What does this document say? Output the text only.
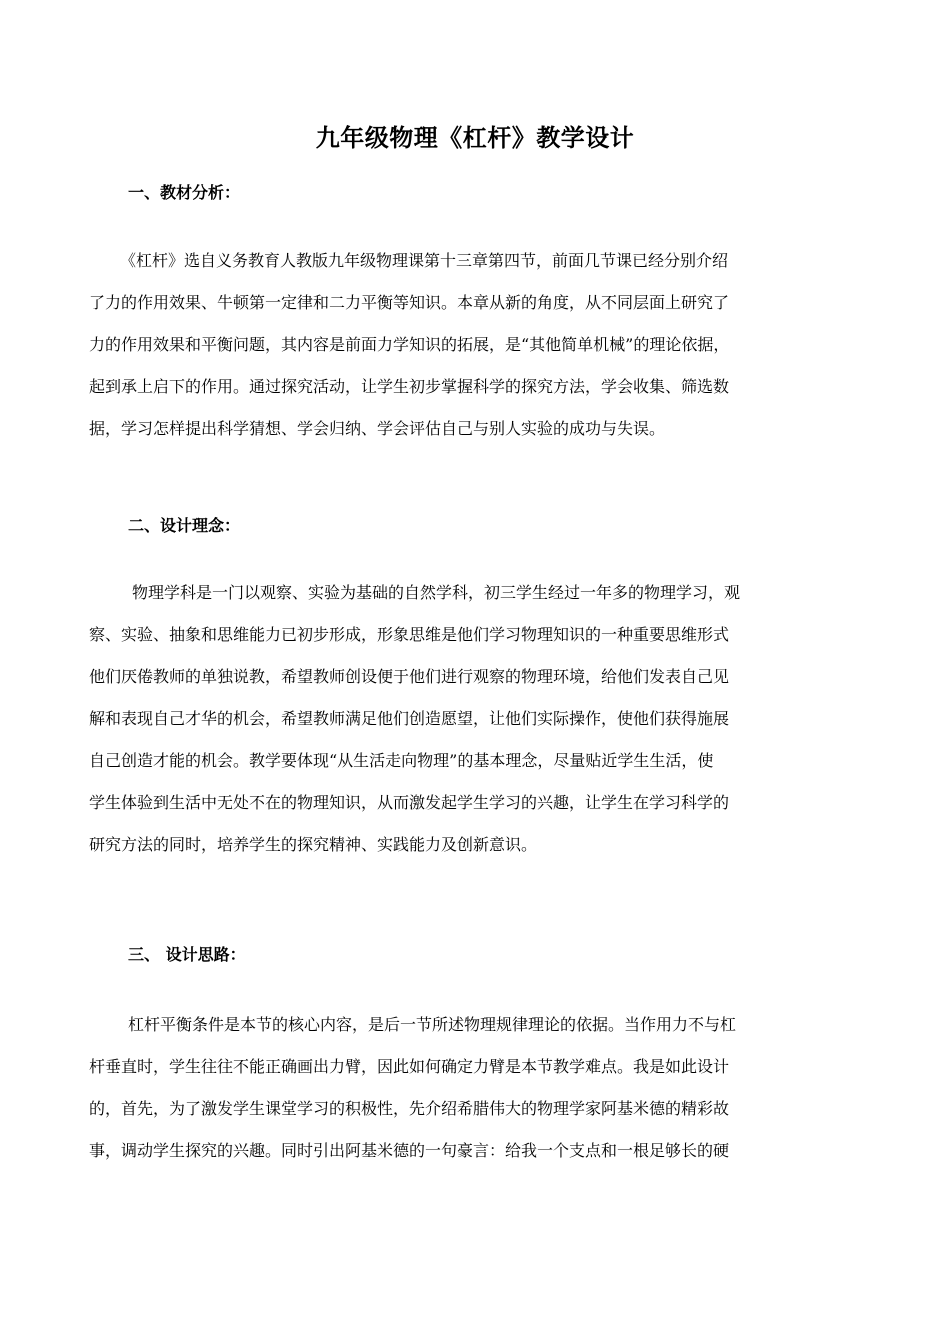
九年级物理《杠杆》教学设计
一、教材分析：
《杠杆》选自义务教育人教版九年级物理课第十三章第四节，前面几节课已经分别介绍
了力的作用效果、牛顿第一定律和二力平衡等知识。本章从新的角度，从不同层面上研究了
力的作用效果和平衡问题，其内容是前面力学知识的拓展，是“其他简单机械”的理论依据，
起到承上启下的作用。通过探究活动，让学生初步掌握科学的探究方法，学会收集、筛选数
据，学习怎样提出科学猜想、学会归纳、学会评估自己与别人实验的成功与失误。
二、设计理念：
物理学科是一门以观察、实验为基础的自然学科，初三学生经过一年多的物理学习，观
察、实验、抽象和思维能力已初步形成，形象思维是他们学习物理知识的一种重要思维形式
他们厌倦教师的单独说教，希望教师创设便于他们进行观察的物理环境，给他们发表自己见
解和表现自己才华的机会，希望教师满足他们创造愿望，让他们实际操作，使他们获得施展
自己创造才能的机会。教学要体现“从生活走向物理”的基本理念，尽量贴近学生生活，使
学生体验到生活中无处不在的物理知识，从而激发起学生学习的兴趣，让学生在学习科学的
研究方法的同时，培养学生的探究精神、实践能力及创新意识。
三、 设计思路：
杠杆平衡条件是本节的核心内容，是后一节所述物理规律理论的依据。当作用力不与杠
杆垂直时，学生往往不能正确画出力臂，因此如何确定力臂是本节教学难点。我是如此设计
的，首先，为了激发学生课堂学习的积极性，先介绍希腊伟大的物理学家阿基米德的精彩故
事，调动学生探究的兴趣。同时引出阿基米德的一句豪言：给我一个支点和一根足够长的硬
